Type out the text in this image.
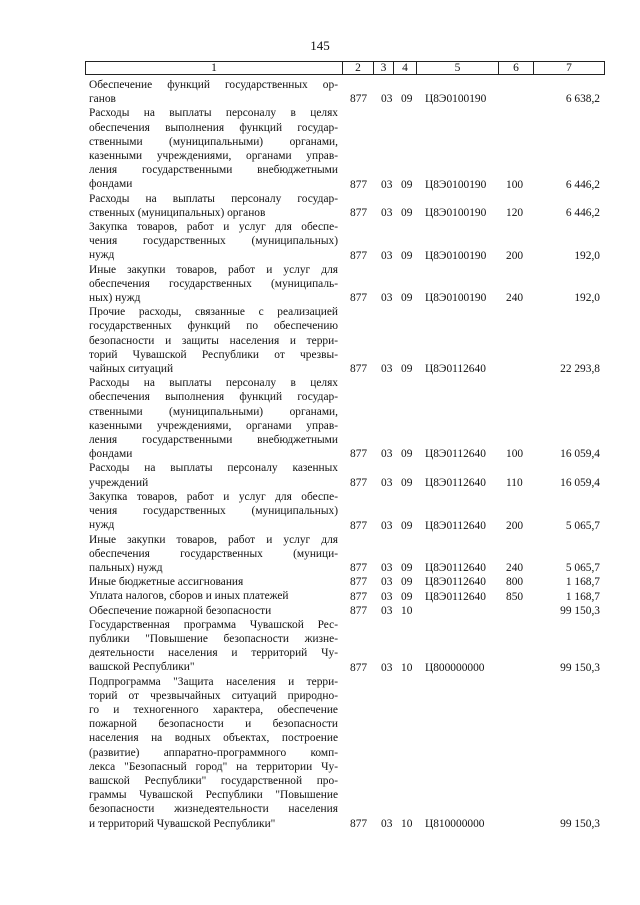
145
1	2	3	4	5	6	7
Обеспечение функций государственных ор-
ганов	877 03 09 Ц8Э0100190	6 638,2
Расходы на выплаты персоналу в целях
обеспечения выполнения функций государ-
ственными (муниципальными) органами,
казенными учреждениями, органами управ-
ления государственными внебюджетными
фондами	877 03 09 Ц8Э0100190 100	6 446,2
Расходы на выплаты персоналу государ-
ственных (муниципальных) органов	877 03 09 Ц8Э0100190 120	6 446,2
Закупка товаров, работ и услуг для обеспе-
чения государственных (муниципальных)
нужд	877 03 09 Ц8Э0100190 200	192,0
Иные закупки товаров, работ и услуг для
обеспечения государственных (муниципаль-
ных) нужд	877 03 09 Ц8Э0100190 240	192,0
Прочие расходы, связанные с реализацией
государственных функций по обеспечению
безопасности и защиты населения и терри-
торий Чувашской Республики от чрезвы-
чайных ситуаций	877 03 09 Ц8Э0112640	22 293,8
Расходы на выплаты персоналу в целях
обеспечения выполнения функций государ-
ственными (муниципальными) органами,
казенными учреждениями, органами управ-
ления государственными внебюджетными
фондами	877 03 09 Ц8Э0112640 100	16 059,4
Расходы на выплаты персоналу казенных
учреждений	877 03 09 Ц8Э0112640 110	16 059,4
Закупка товаров, работ и услуг для обеспе-
чения государственных (муниципальных)
нужд	877 03 09 Ц8Э0112640 200	5 065,7
Иные закупки товаров, работ и услуг для
обеспечения государственных (муници-
пальных) нужд	877 03 09 Ц8Э0112640 240	5 065,7
Иные бюджетные ассигнования	877 03 09 Ц8Э0112640 800	1 168,7
Уплата налогов, сборов и иных платежей	877 03 09 Ц8Э0112640 850	1 168,7
Обеспечение пожарной безопасности	877 03 10	99 150,3
Государственная программа Чувашской Рес-
публики "Повышение безопасности жизне-
деятельности населения и территорий Чу-
вашской Республики"	877 03 10 Ц800000000	99 150,3
Подпрограмма "Защита населения и терри-
торий от чрезвычайных ситуаций природно-
го и техногенного характера, обеспечение
пожарной безопасности и безопасности
населения на водных объектах, построение
(развитие) аппаратно-программного комп-
лекса "Безопасный город" на территории Чу-
вашской Республики" государственной про-
граммы Чувашской Республики "Повышение
безопасности жизнедеятельности населения
и территорий Чувашской Республики"	877 03 10 Ц810000000	99 150,3
